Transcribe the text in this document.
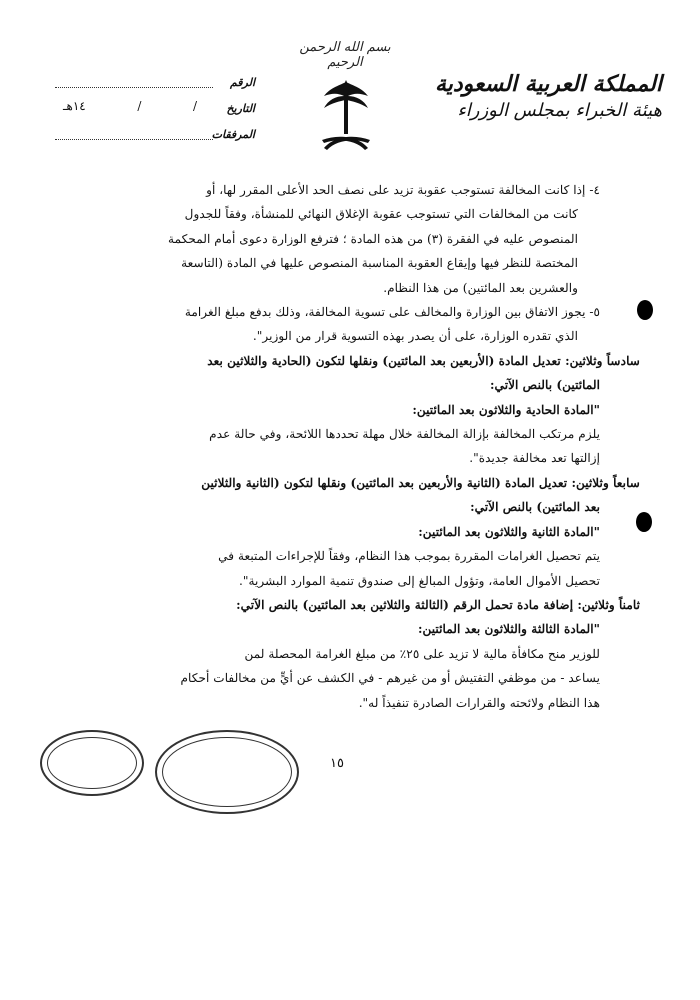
بسم الله الرحمن الرحيم
المملكة العربية السعودية
هيئة الخبراء بمجلس الوزراء
الرقم
التاريخ
/
/
١٤هـ
المرفقات

٤- إذا كانت المخالفة تستوجب عقوبة تزيد على نصف الحد الأعلى المقرر لها، أو

كانت من المخالفات التي تستوجب عقوبة الإغلاق النهائي للمنشأة، وفقاً للجدول

المنصوص عليه في الفقرة (٣) من هذه المادة ؛ فترفع الوزارة دعوى أمام المحكمة

المختصة للنظر فيها وإيقاع العقوبة المناسبة المنصوص عليها في المادة (التاسعة

والعشرين بعد المائتين) من هذا النظام.

٥- يجوز الاتفاق بين الوزارة والمخالف على تسوية المخالفة، وذلك بدفع مبلغ الغرامة

الذي تقدره الوزارة، على أن يصدر بهذه التسوية قرار من الوزير".

سادساً وثلاثين: تعديل المادة (الأربعين بعد المائتين) ونقلها لتكون (الحادية والثلاثين بعد

المائتين) بالنص الآتي:

"المادة الحادية والثلاثون بعد المائتين:

يلزم مرتكب المخالفة بإزالة المخالفة خلال مهلة تحددها اللائحة، وفي حالة عدم

إزالتها تعد مخالفة جديدة".

سابعاً وثلاثين: تعديل المادة (الثانية والأربعين بعد المائتين) ونقلها لتكون (الثانية والثلاثين

بعد المائتين) بالنص الآتي:

"المادة الثانية والثلاثون بعد المائتين:

يتم تحصيل الغرامات المقررة بموجب هذا النظام، وفقاً للإجراءات المتبعة في

تحصيل الأموال العامة، وتؤول المبالغ إلى صندوق تنمية الموارد البشرية".

ثامناً وثلاثين: إضافة مادة تحمل الرقم (الثالثة والثلاثين بعد المائتين) بالنص الآتي:

"المادة الثالثة والثلاثون بعد المائتين:

للوزير منح مكافأة مالية لا تزيد على ٢٥٪ من مبلغ الغرامة المحصلة لمن

يساعد - من موظفي التفتيش أو من غيرهم - في الكشف عن أيٍّ من مخالفات أحكام

هذا النظام ولائحته والقرارات الصادرة تنفيذاً له".

١٥
